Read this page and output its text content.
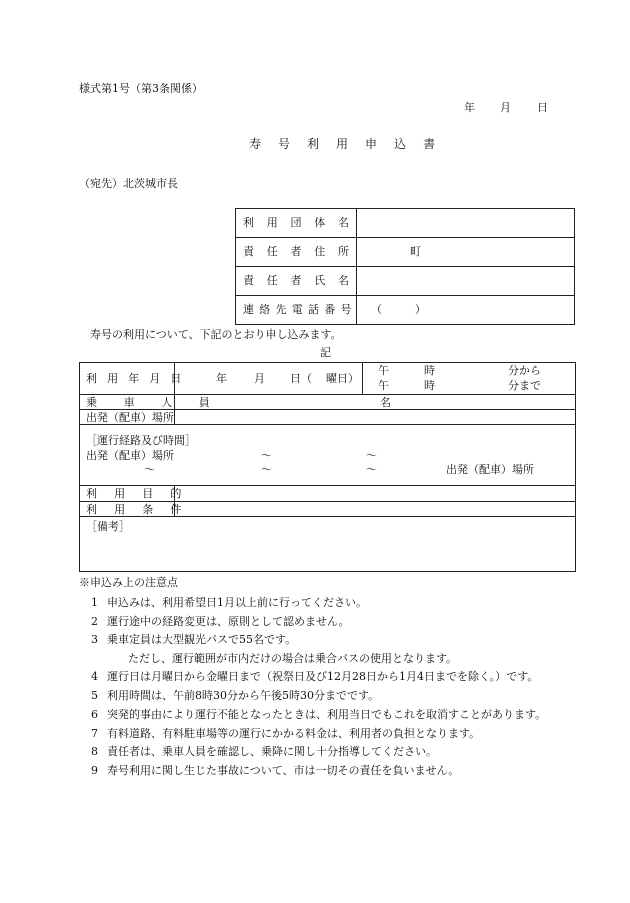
様式第1号（第3条関係）
年 月 日
寿 号 利 用 申 込 書
（宛先）北茨城市長
利 用 団 体 名	
責 任 者 住 所	町

責 任 者 氏 名	
連 絡 先 電 話 番 号	（　　　）
寿号の利用について、下記のとおり申し込みます。
記
利 用 年 月 日	年 月 日（ 曜日）
午	時	分から
午	時	分まで
乗 車 人 員	名
出発（配車）場所
［運行経路及び時間］
出発（配車）場所	〜	〜
〜	〜	〜	出発（配車）場所
利 用 目 的
利 用 条 件
［備考］
※申込み上の注意点
1 申込みは、利用希望日1月以上前に行ってください。
2 運行途中の経路変更は、原則として認めません。
3 乗車定員は大型観光バスで55名です。
ただし、運行範囲が市内だけの場合は乗合バスの使用となります。
4 運行日は月曜日から金曜日まで（祝祭日及び12月28日から1月4日までを除く。）です。
5 利用時間は、午前8時30分から午後5時30分までです。
6 突発的事由により運行不能となったときは、利用当日でもこれを取消すことがあります。
7 有料道路、有料駐車場等の運行にかかる料金は、利用者の負担となります。
8 責任者は、乗車人員を確認し、乗降に関し十分指導してください。
9 寿号利用に関し生じた事故について、市は一切その責任を負いません。
